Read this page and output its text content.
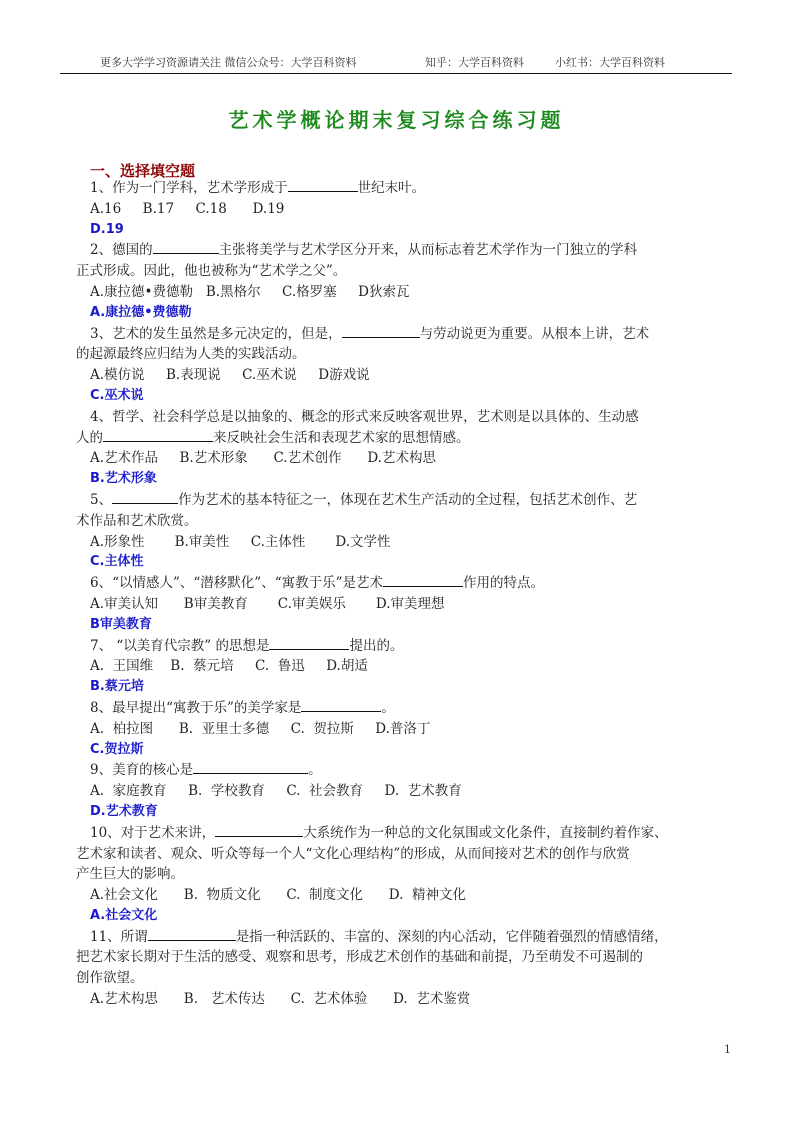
更多大学学习资源请关注 微信公众号：大学百科资料	知乎：大学百科资料	小红书：大学百科资料
艺术学概论期末复习综合练习题
一、选择填空题
1、作为一门学科，艺术学形成于	世纪末叶。
A.16     B.17     C.18      D.19
D.19
2、德国的	主张将美学与艺术学区分开来，从而标志着艺术学作为一门独立的学科
正式形成。因此，他也被称为“艺术学之父”。
A.康拉德•费德勒   B.黑格尔     C.格罗塞     D狄索瓦
A.康拉德•费德勒
3、艺术的发生虽然是多元决定的，但是，	与劳动说更为重要。从根本上讲，艺术
的起源最终应归结为人类的实践活动。
A.模仿说     B.表现说     C.巫术说     D游戏说
C.巫术说
4、哲学、社会科学总是以抽象的、概念的形式来反映客观世界，艺术则是以具体的、生动感
人的	来反映社会生活和表现艺术家的思想情感。
A.艺术作品     B.艺术形象      C.艺术创作      D.艺术构思
B.艺术形象
5、	作为艺术的基本特征之一，体现在艺术生产活动的全过程，包括艺术创作、艺
术作品和艺术欣赏。
A.形象性       B.审美性     C.主体性       D.文学性
C.主体性
6、“以情感人”、“潜移默化”、“寓教于乐”是艺术	作用的特点。
A.审美认知      B审美教育       C.审美娱乐       D.审美理想
B审美教育
7、 “以美育代宗教” 的思想是	提出的。
A.  王国维    B.  蔡元培     C.  鲁迅     D.胡适
B.蔡元培
8、最早提出“寓教于乐”的美学家是	。
A.  柏拉图      B.  亚里士多德     C.  贺拉斯     D.普洛丁
C.贺拉斯
9、美育的核心是	。
A.  家庭教育     B.  学校教育     C.  社会教育     D.  艺术教育
D.艺术教育
10、对于艺术来讲，	大系统作为一种总的文化氛围或文化条件，直接制约着作家、
艺术家和读者、观众、听众等每一个人“文化心理结构”的形成，从而间接对艺术的创作与欣赏
产生巨大的影响。
A.社会文化      B.  物质文化      C.  制度文化      D.  精神文化
A.社会文化
11、所谓	是指一种活跃的、丰富的、深刻的内心活动，它伴随着强烈的情感情绪，
把艺术家长期对于生活的感受、观察和思考，形成艺术创作的基础和前提，乃至萌发不可遏制的
创作欲望。
A.艺术构思      B.   艺术传达      C.  艺术体验      D.  艺术鉴赏
1
